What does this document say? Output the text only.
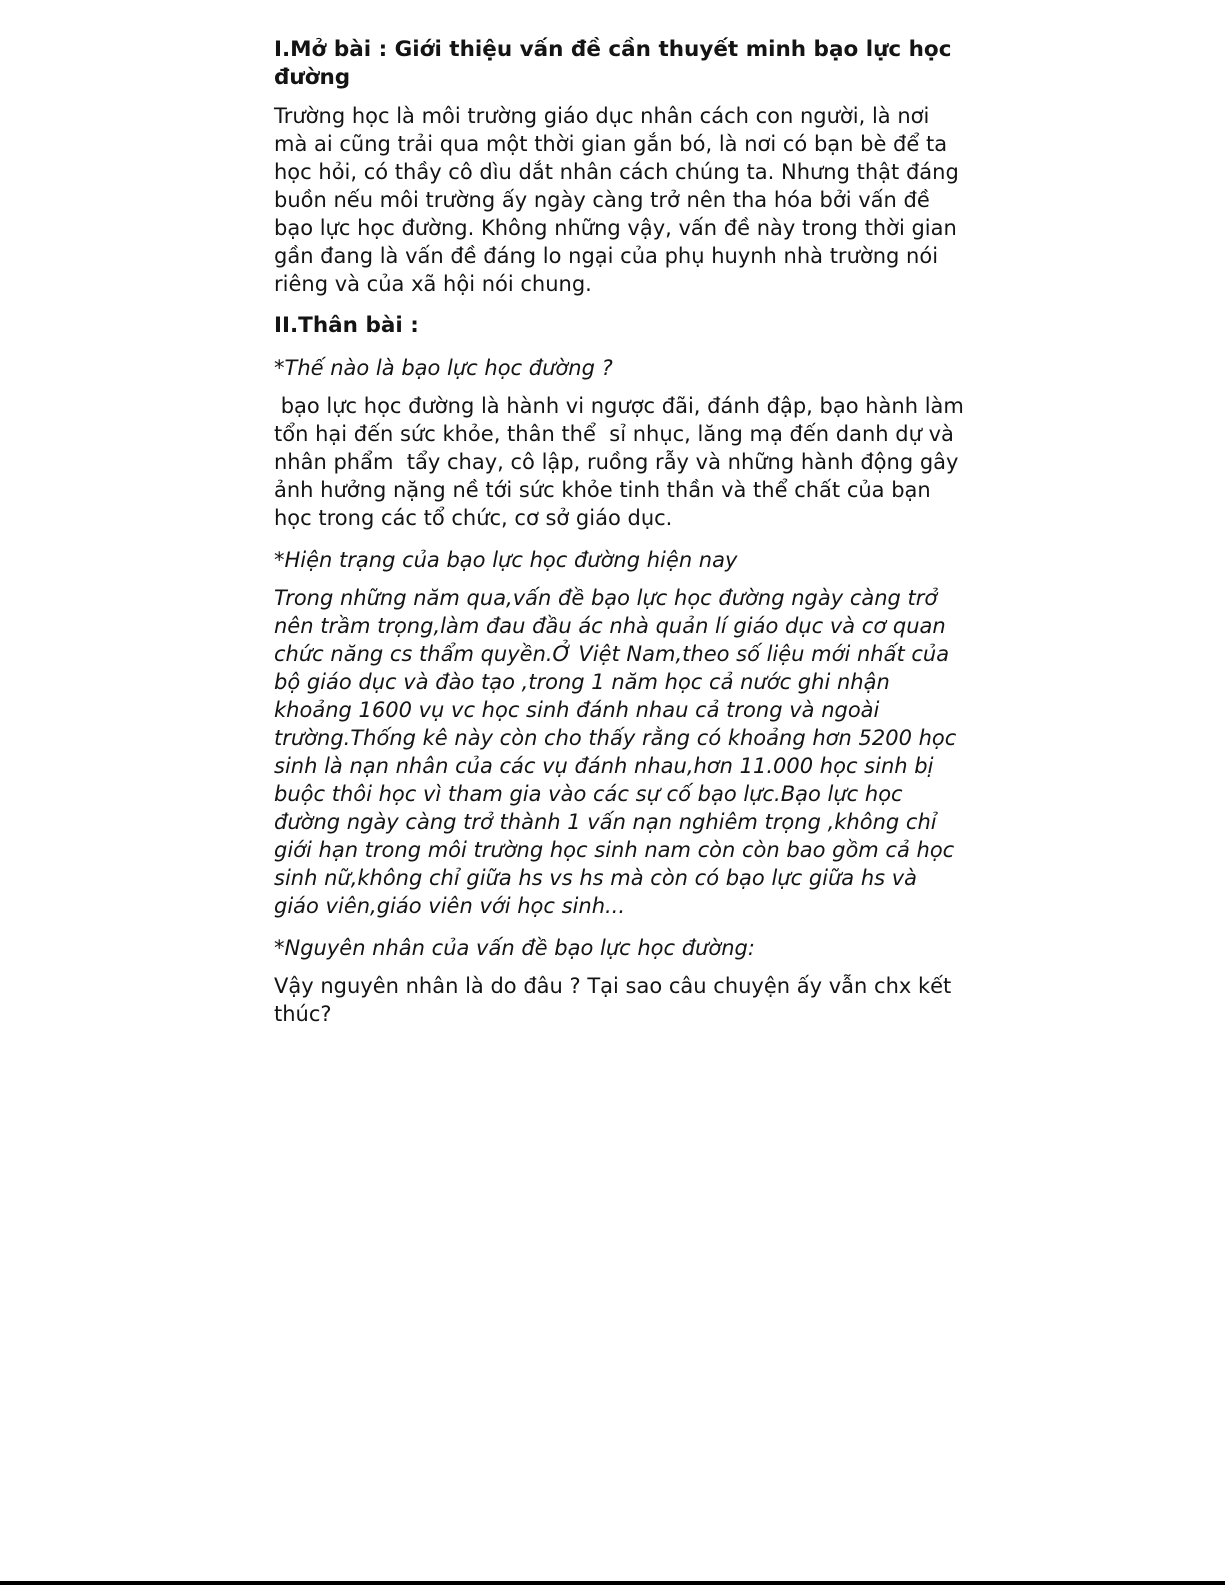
I.Mở bài : Giới thiệu vấn đề cần thuyết minh bạo lực học đường

Trường học là môi trường giáo dục nhân cách con người, là nơi mà ai cũng trải qua một thời gian gắn bó, là nơi có bạn bè để ta học hỏi, có thầy cô dìu dắt nhân cách chúng ta. Nhưng thật đáng buồn nếu môi trường ấy ngày càng trở nên tha hóa bởi vấn đề bạo lực học đường. Không những vậy, vấn đề này trong thời gian gần đang là vấn đề đáng lo ngại của phụ huynh nhà trường nói riêng và của xã hội nói chung.

II.Thân bài :

*Thế nào là bạo lực học đường ?

bạo lực học đường là hành vi ngược đãi, đánh đập, bạo hành làm tổn hại đến sức khỏe, thân thể  sỉ nhục, lăng mạ đến danh dự và nhân phẩm  tẩy chay, cô lập, ruồng rẫy và những hành động gây ảnh hưởng nặng nề tới sức khỏe tinh thần và thể chất của bạn học trong các tổ chức, cơ sở giáo dục.

*Hiện trạng của bạo lực học đường hiện nay

Trong những năm qua,vấn đề bạo lực học đường ngày càng trở nên trầm trọng,làm đau đầu ác nhà quản lí giáo dục và cơ quan chức năng cs thẩm quyền.Ở Việt Nam,theo số liệu mới nhất của bộ giáo dục và đào tạo ,trong 1 năm học cả nước ghi nhận khoảng 1600 vụ vc học sinh đánh nhau cả trong và ngoài trường.Thống kê này còn cho thấy rằng có khoảng hơn 5200 học sinh là nạn nhân của các vụ đánh nhau,hơn 11.000 học sinh bị buộc thôi học vì tham gia vào các sự cố bạo lực.Bạo lực học đường ngày càng trở thành 1 vấn nạn nghiêm trọng ,không chỉ giới hạn trong môi trường học sinh nam còn còn bao gồm cả học sinh nữ,không chỉ giữa hs vs hs mà còn có bạo lực giữa hs và giáo viên,giáo viên với học sinh...

*Nguyên nhân của vấn đề bạo lực học đường:

Vậy nguyên nhân là do đâu ? Tại sao câu chuyện ấy vẫn chx kết thúc?
